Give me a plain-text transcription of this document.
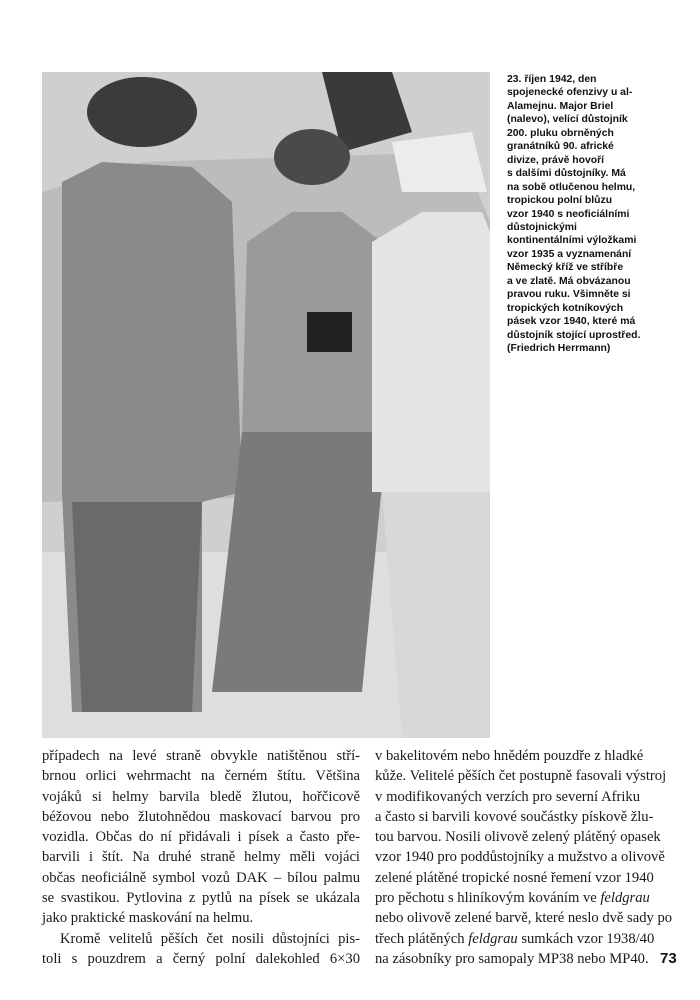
23. říjen 1942, den
spojenecké ofenzivy u al-
Alamejnu. Major Briel
(nalevo), velící důstojník
200. pluku obrněných
granátníků 90. africké
divize, právě hovoří
s dalšími důstojníky. Má
na sobě otlučenou helmu,
tropickou polní blůzu
vzor 1940 s neoficiálními
důstojnickými
kontinentálními výložkami
vzor 1935 a vyznamenání
Německý kříž ve stříbře
a ve zlatě. Má obvázanou
pravou ruku. Všimněte si
tropických kotníkových
pásek vzor 1940, které má
důstojník stojící uprostřed.
(Friedrich Herrmann)
případech na levé straně obvykle natištěnou stří-
brnou orlici wehrmacht na černém štítu. Většina
vojáků si helmy barvila bledě žlutou, hořčicově
béžovou nebo žlutohnědou maskovací barvou pro
vozidla. Občas do ní přidávali i písek a často pře-
barvili i štít. Na druhé straně helmy měli vojáci
občas neoficiálně symbol vozů DAK – bílou palmu
se svastikou. Pytlovina z pytlů na písek se ukázala
jako praktické maskování na helmu.
Kromě velitelů pěších čet nosili důstojníci pis-
toli s pouzdrem a černý polní dalekohled 6×30
v bakelitovém nebo hnědém pouzdře z hladké
kůže. Velitelé pěších čet postupně fasovali výstroj
v modifikovaných verzích pro severní Afriku
a často si barvili kovové součástky pískově žlu-
tou barvou. Nosili olivově zelený plátěný opasek
vzor 1940 pro poddůstojníky a mužstvo a olivově
zelené plátěné tropické nosné řemení vzor 1940
pro pěchotu s hliníkovým kováním ve feldgrau
nebo olivově zelené barvě, které neslo dvě sady po
třech plátěných feldgrau sumkách vzor 1938/40
na zásobníky pro samopaly MP38 nebo MP40. 73
